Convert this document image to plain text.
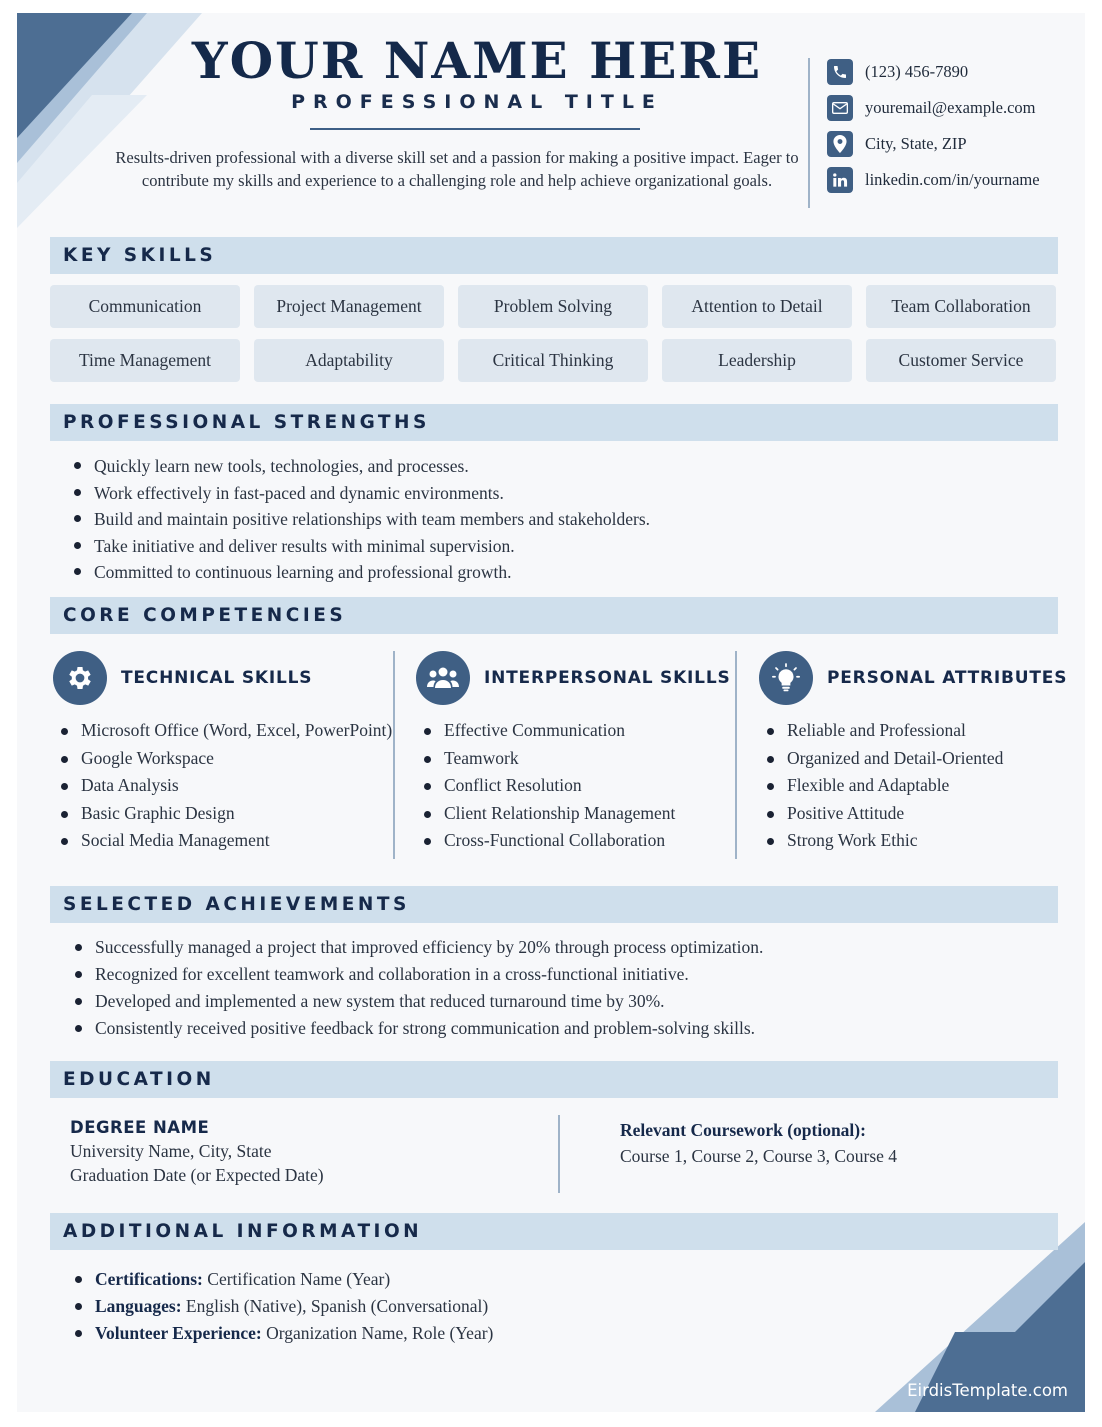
YOUR NAME HERE
PROFESSIONAL TITLE
Results-driven professional with a diverse skill set and a passion for making a positive impact. Eager to contribute my skills and experience to a challenging role and help achieve organizational goals.
(123) 456-7890
youremail@example.com
City, State, ZIP
linkedin.com/in/yourname
KEY SKILLS
Communication	Project Management	Problem Solving	Attention to Detail	Team Collaboration
Time Management	Adaptability	Critical Thinking	Leadership	Customer Service
PROFESSIONAL STRENGTHS
Quickly learn new tools, technologies, and processes.
Work effectively in fast-paced and dynamic environments.
Build and maintain positive relationships with team members and stakeholders.
Take initiative and deliver results with minimal supervision.
Committed to continuous learning and professional growth.
CORE COMPETENCIES
TECHNICAL SKILLS
Microsoft Office (Word, Excel, PowerPoint)
Google Workspace
Data Analysis
Basic Graphic Design
Social Media Management
INTERPERSONAL SKILLS
Effective Communication
Teamwork
Conflict Resolution
Client Relationship Management
Cross-Functional Collaboration
PERSONAL ATTRIBUTES
Reliable and Professional
Organized and Detail-Oriented
Flexible and Adaptable
Positive Attitude
Strong Work Ethic
SELECTED ACHIEVEMENTS
Successfully managed a project that improved efficiency by 20% through process optimization.
Recognized for excellent teamwork and collaboration in a cross-functional initiative.
Developed and implemented a new system that reduced turnaround time by 30%.
Consistently received positive feedback for strong communication and problem-solving skills.
EDUCATION
DEGREE NAME
University Name, City, State
Graduation Date (or Expected Date)
Relevant Coursework (optional):
Course 1, Course 2, Course 3, Course 4
ADDITIONAL INFORMATION
Certifications: Certification Name (Year)
Languages: English (Native), Spanish (Conversational)
Volunteer Experience: Organization Name, Role (Year)
EirdisTemplate.com
